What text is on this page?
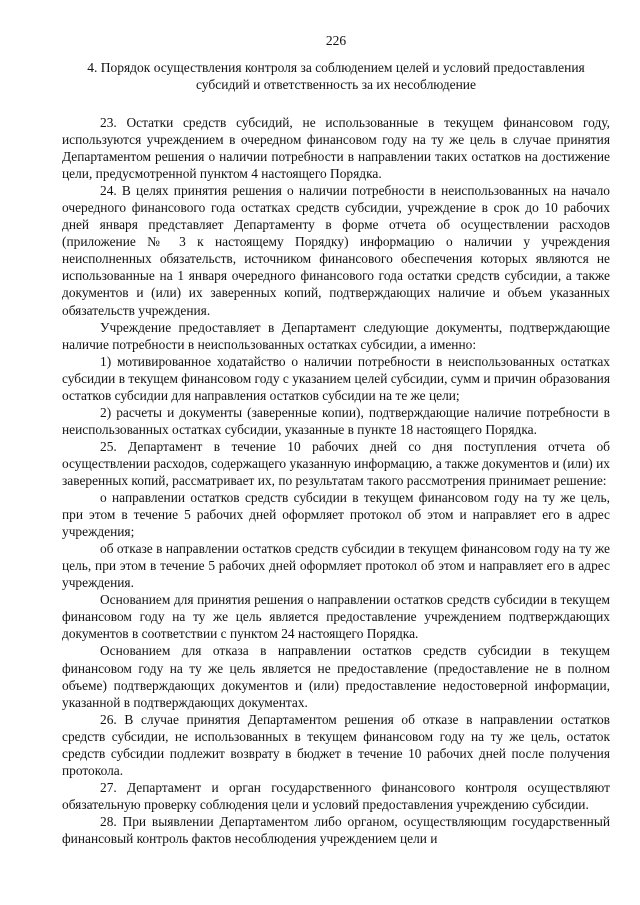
226
4. Порядок осуществления контроля за соблюдением целей и условий предоставления субсидий и ответственность за их несоблюдение

23. Остатки средств субсидий, не использованные в текущем финансовом году, используются учреждением в очередном финансовом году на ту же цель в случае принятия Департаментом решения о наличии потребности в направлении таких остатков на достижение цели, предусмотренной пунктом 4 настоящего Порядка.

24. В целях принятия решения о наличии потребности в неиспользованных на начало очередного финансового года остатках средств субсидии, учреждение в срок до 10 рабочих дней января представляет Департаменту в форме отчета об осуществлении расходов (приложение № 3 к настоящему Порядку) информацию о наличии у учреждения неисполненных обязательств, источником финансового обеспечения которых являются не использованные на 1 января очередного финансового года остатки средств субсидии, а также документов и (или) их заверенных копий, подтверждающих наличие и объем указанных обязательств учреждения.

Учреждение предоставляет в Департамент следующие документы, подтверждающие наличие потребности в неиспользованных остатках субсидии, а именно:

1) мотивированное ходатайство о наличии потребности в неиспользованных остатках субсидии в текущем финансовом году с указанием целей субсидии, сумм и причин образования остатков субсидии для направления остатков субсидии на те же цели;

2) расчеты и документы (заверенные копии), подтверждающие наличие потребности в неиспользованных остатках субсидии, указанные в пункте 18 настоящего Порядка.

25. Департамент в течение 10 рабочих дней со дня поступления отчета об осуществлении расходов, содержащего указанную информацию, а также документов и (или) их заверенных копий, рассматривает их, по результатам такого рассмотрения принимает решение:

о направлении остатков средств субсидии в текущем финансовом году на ту же цель, при этом в течение 5 рабочих дней оформляет протокол об этом и направляет его в адрес учреждения;

об отказе в направлении остатков средств субсидии в текущем финансовом году на ту же цель, при этом в течение 5 рабочих дней оформляет протокол об этом и направляет его в адрес учреждения.

Основанием для принятия решения о направлении остатков средств субсидии в текущем финансовом году на ту же цель является предоставление учреждением подтверждающих документов в соответствии с пунктом 24 настоящего Порядка.

Основанием для отказа в направлении остатков средств субсидии в текущем финансовом году на ту же цель является не предоставление (предоставление не в полном объеме) подтверждающих документов и (или) предоставление недостоверной информации, указанной в подтверждающих документах.

26. В случае принятия Департаментом решения об отказе в направлении остатков средств субсидии, не использованных в текущем финансовом году на ту же цель, остаток средств субсидии подлежит возврату в бюджет в течение 10 рабочих дней после получения протокола.

27. Департамент и орган государственного финансового контроля осуществляют обязательную проверку соблюдения цели и условий предоставления учреждению субсидии.

28. При выявлении Департаментом либо органом, осуществляющим государственный финансовый контроль фактов несоблюдения учреждением цели и
